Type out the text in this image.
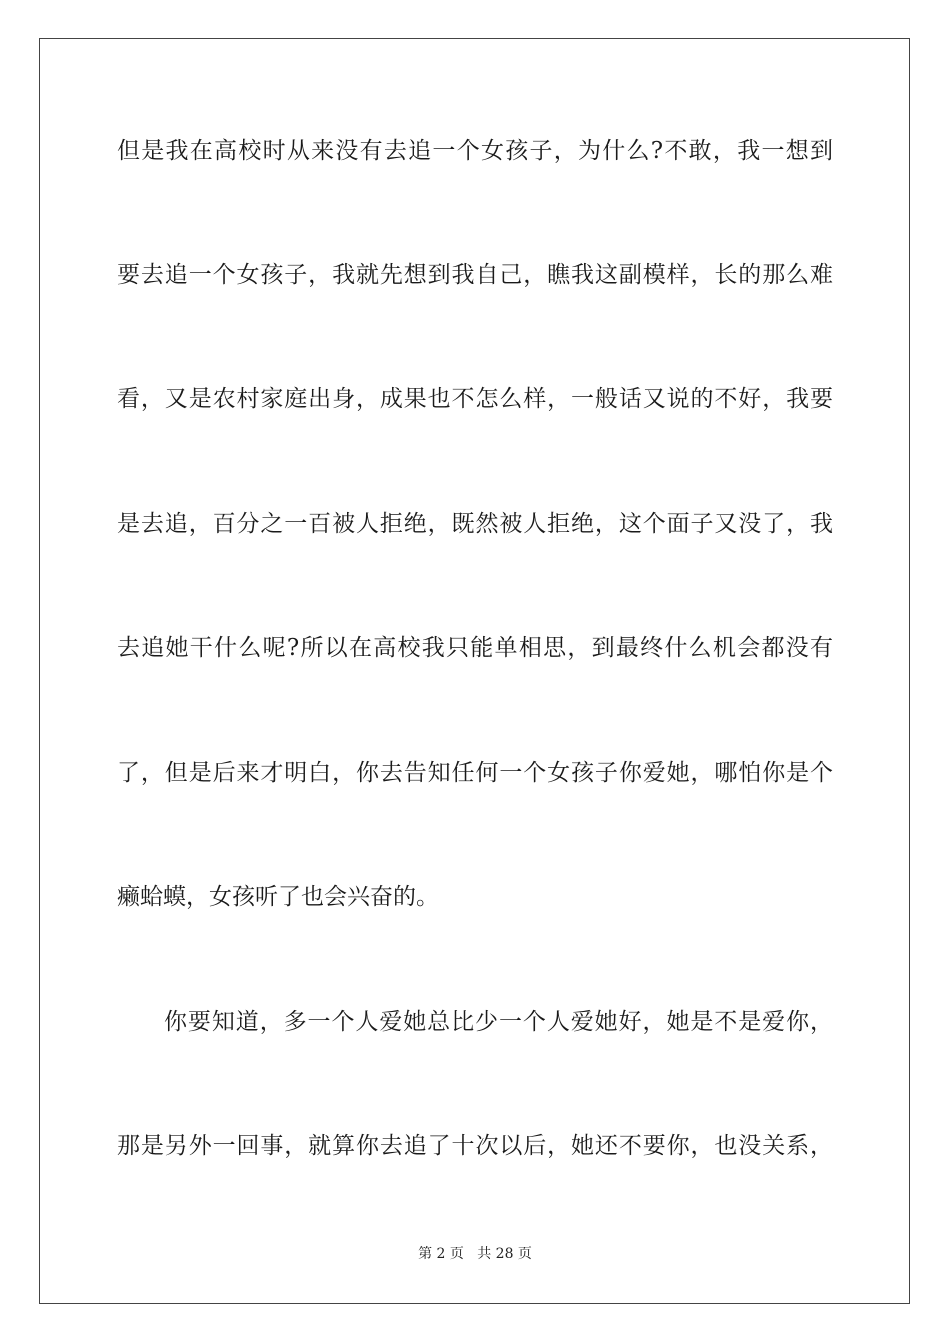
但是我在高校时从来没有去追一个女孩子，为什么?不敢，我一想到
要去追一个女孩子，我就先想到我自己，瞧我这副模样，长的那么难
看，又是农村家庭出身，成果也不怎么样，一般话又说的不好，我要
是去追，百分之一百被人拒绝，既然被人拒绝，这个面子又没了，我
去追她干什么呢?所以在高校我只能单相思，到最终什么机会都没有
了，但是后来才明白，你去告知任何一个女孩子你爱她，哪怕你是个
癞蛤蟆，女孩听了也会兴奋的。
你要知道，多一个人爱她总比少一个人爱她好，她是不是爱你，
那是另外一回事，就算你去追了十次以后，她还不要你，也没关系，
第 2 页   共 28 页
